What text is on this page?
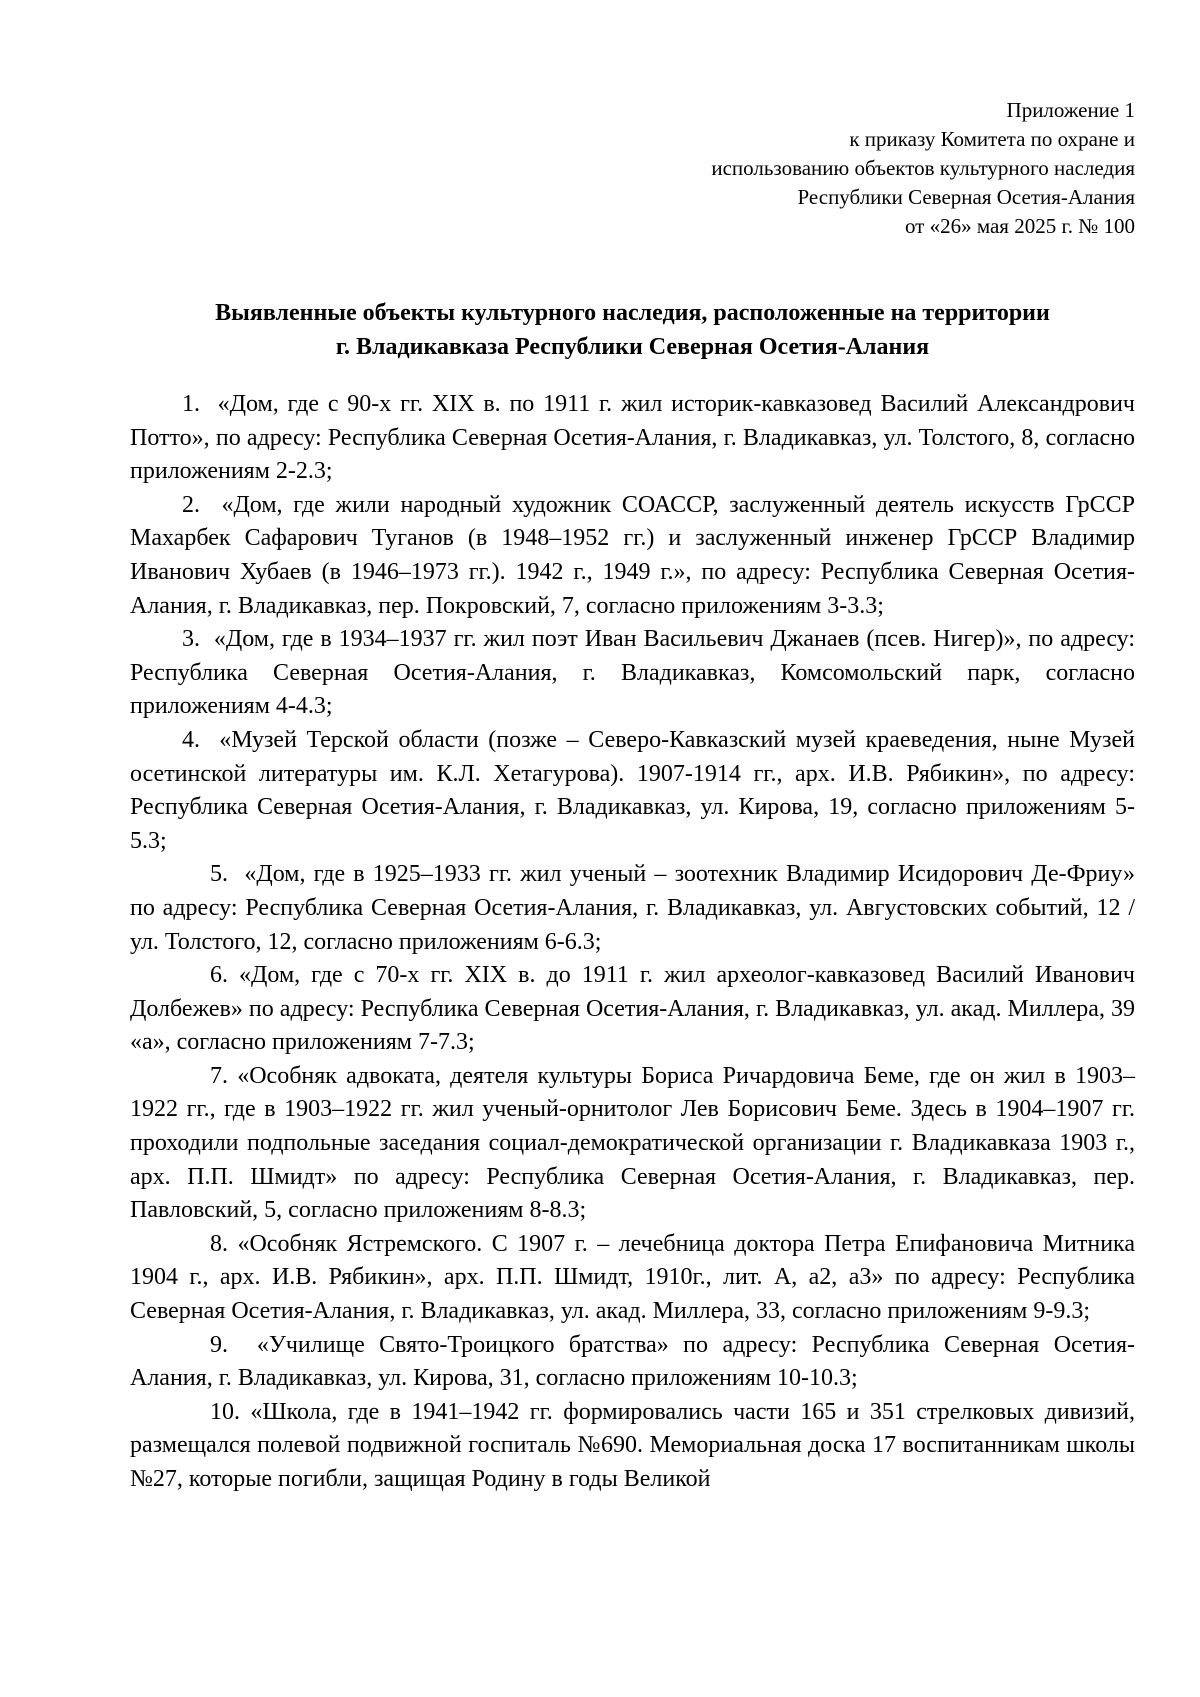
Приложение 1
к приказу Комитета по охране и
использованию объектов культурного наследия
Республики Северная Осетия-Алания
от «26» мая 2025 г. № 100
Выявленные объекты культурного наследия, расположенные на территории
г. Владикавказа Республики Северная Осетия-Алания

1. «Дом, где с 90-х гг. XIX в. по 1911 г. жил историк-кавказовед Василий Александрович Потто», по адресу: Республика Северная Осетия-Алания, г. Владикавказ, ул. Толстого, 8, согласно приложениям 2-2.3;

2. «Дом, где жили народный художник СОАССР, заслуженный деятель искусств ГрССР Махарбек Сафарович Туганов (в 1948–1952 гг.) и заслуженный инженер ГрССР Владимир Иванович Хубаев (в 1946–1973 гг.). 1942 г., 1949 г.», по адресу: Республика Северная Осетия-Алания, г. Владикавказ, пер. Покровский, 7, согласно приложениям 3-3.3;

3. «Дом, где в 1934–1937 гг. жил поэт Иван Васильевич Джанаев (псев. Нигер)», по адресу: Республика Северная Осетия-Алания, г. Владикавказ, Комсомольский парк, согласно приложениям 4-4.3;

4. «Музей Терской области (позже – Северо-Кавказский музей краеведения, ныне Музей осетинской литературы им. К.Л. Хетагурова). 1907-1914 гг., арх. И.В. Рябикин», по адресу: Республика Северная Осетия-Алания, г. Владикавказ, ул. Кирова, 19, согласно приложениям 5-5.3;

5. «Дом, где в 1925–1933 гг. жил ученый – зоотехник Владимир Исидорович Де-Фриу» по адресу: Республика Северная Осетия-Алания, г. Владикавказ, ул. Августовских событий, 12 / ул. Толстого, 12, согласно приложениям 6-6.3;

6. «Дом, где с 70-х гг. XIX в. до 1911 г. жил археолог-кавказовед Василий Иванович Долбежев» по адресу: Республика Северная Осетия-Алания, г. Владикавказ, ул. акад. Миллера, 39 «а», согласно приложениям 7-7.3;

7. «Особняк адвоката, деятеля культуры Бориса Ричардовича Беме, где он жил в 1903–1922 гг., где в 1903–1922 гг. жил ученый-орнитолог Лев Борисович Беме. Здесь в 1904–1907 гг. проходили подпольные заседания социал-демократической организации г. Владикавказа 1903 г., арх. П.П. Шмидт» по адресу: Республика Северная Осетия-Алания, г. Владикавказ, пер. Павловский, 5, согласно приложениям 8-8.3;

8. «Особняк Ястремского. С 1907 г. – лечебница доктора Петра Епифановича Митника 1904 г., арх. И.В. Рябикин», арх. П.П. Шмидт, 1910г., лит. А, а2, а3» по адресу: Республика Северная Осетия-Алания, г. Владикавказ, ул. акад. Миллера, 33, согласно приложениям 9-9.3;

9. «Училище Свято-Троицкого братства» по адресу: Республика Северная Осетия-Алания, г. Владикавказ, ул. Кирова, 31, согласно приложениям 10-10.3;

10. «Школа, где в 1941–1942 гг. формировались части 165 и 351 стрелковых дивизий, размещался полевой подвижной госпиталь №690. Мемориальная доска 17 воспитанникам школы №27, которые погибли, защищая Родину в годы Великой
